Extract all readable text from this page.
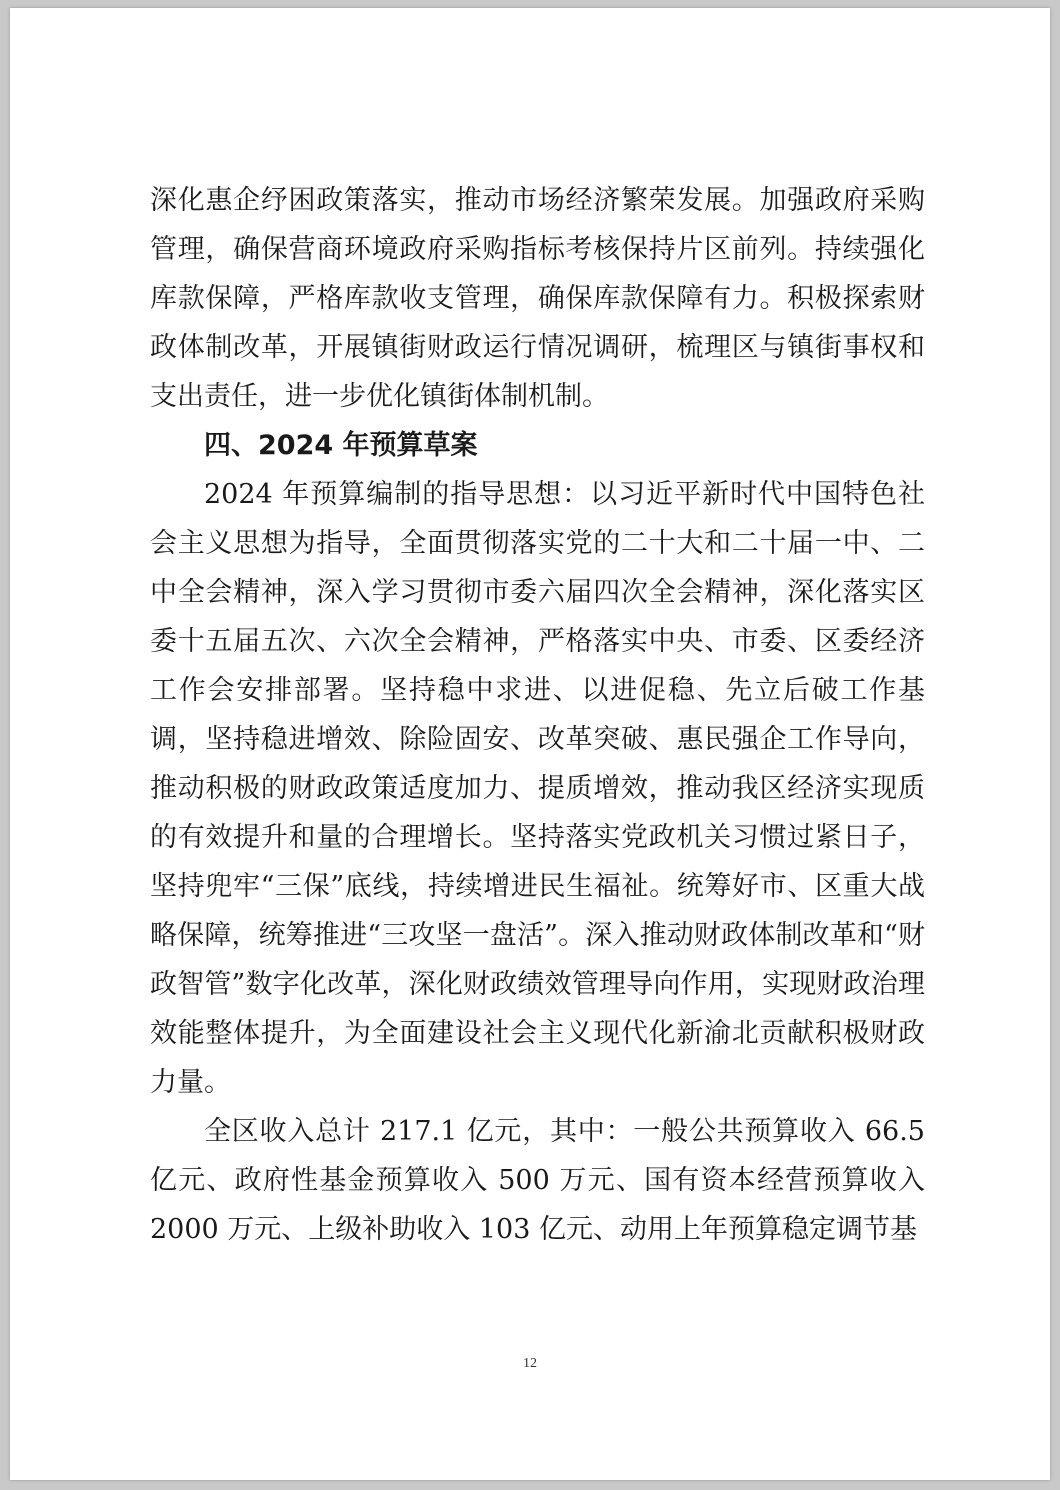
深化惠企纾困政策落实，推动市场经济繁荣发展。加强政府采购管理，确保营商环境政府采购指标考核保持片区前列。持续强化库款保障，严格库款收支管理，确保库款保障有力。积极探索财政体制改革，开展镇街财政运行情况调研，梳理区与镇街事权和支出责任，进一步优化镇街体制机制。

四、2024 年预算草案

2024 年预算编制的指导思想：以习近平新时代中国特色社会主义思想为指导，全面贯彻落实党的二十大和二十届一中、二中全会精神，深入学习贯彻市委六届四次全会精神，深化落实区委十五届五次、六次全会精神，严格落实中央、市委、区委经济工作会安排部署。坚持稳中求进、以进促稳、先立后破工作基调，坚持稳进增效、除险固安、改革突破、惠民强企工作导向，推动积极的财政政策适度加力、提质增效，推动我区经济实现质的有效提升和量的合理增长。坚持落实党政机关习惯过紧日子，坚持兜牢“三保”底线，持续增进民生福祉。统筹好市、区重大战略保障，统筹推进“三攻坚一盘活”。深入推动财政体制改革和“财政智管”数字化改革，深化财政绩效管理导向作用，实现财政治理效能整体提升，为全面建设社会主义现代化新渝北贡献积极财政力量。

全区收入总计 217.1 亿元，其中：一般公共预算收入 66.5 亿元、政府性基金预算收入 500 万元、国有资本经营预算收入 2000 万元、上级补助收入 103 亿元、动用上年预算稳定调节基

12
